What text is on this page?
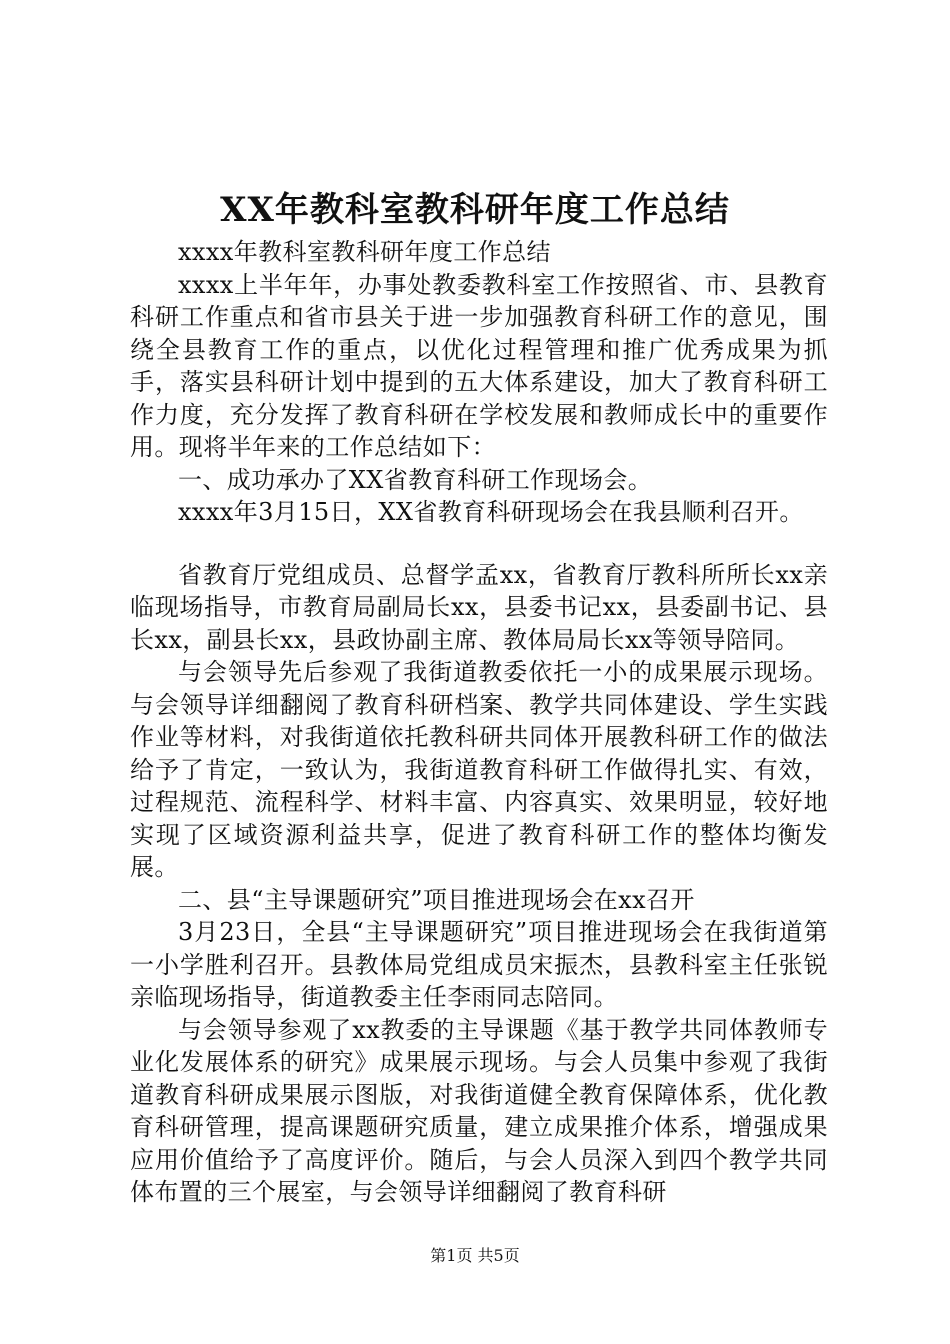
XX年教科室教科研年度工作总结

xxxx年教科室教科研年度工作总结

xxxx上半年年，办事处教委教科室工作按照省、市、县教育科研工作重点和省市县关于进一步加强教育科研工作的意见，围绕全县教育工作的重点，以优化过程管理和推广优秀成果为抓手，落实县科研计划中提到的五大体系建设，加大了教育科研工作力度，充分发挥了教育科研在学校发展和教师成长中的重要作用。现将半年来的工作总结如下：

一、成功承办了XX省教育科研工作现场会。

xxxx年3月15日，XX省教育科研现场会在我县顺利召开。

省教育厅党组成员、总督学孟xx，省教育厅教科所所长xx亲临现场指导，市教育局副局长xx，县委书记xx，县委副书记、县长xx，副县长xx，县政协副主席、教体局局长xx等领导陪同。

与会领导先后参观了我街道教委依托一小的成果展示现场。与会领导详细翻阅了教育科研档案、教学共同体建设、学生实践作业等材料，对我街道依托教科研共同体开展教科研工作的做法给予了肯定，一致认为，我街道教育科研工作做得扎实、有效，过程规范、流程科学、材料丰富、内容真实、效果明显，较好地实现了区域资源利益共享，促进了教育科研工作的整体均衡发展。

二、县“主导课题研究”项目推进现场会在xx召开

3月23日，全县“主导课题研究”项目推进现场会在我街道第一小学胜利召开。县教体局党组成员宋振杰，县教科室主任张锐亲临现场指导，街道教委主任李雨同志陪同。

与会领导参观了xx教委的主导课题《基于教学共同体教师专业化发展体系的研究》成果展示现场。与会人员集中参观了我街道教育科研成果展示图版，对我街道健全教育保障体系，优化教育科研管理，提高课题研究质量，建立成果推介体系，增强成果应用价值给予了高度评价。随后，与会人员深入到四个教学共同体布置的三个展室，与会领导详细翻阅了教育科研

第1页 共5页
